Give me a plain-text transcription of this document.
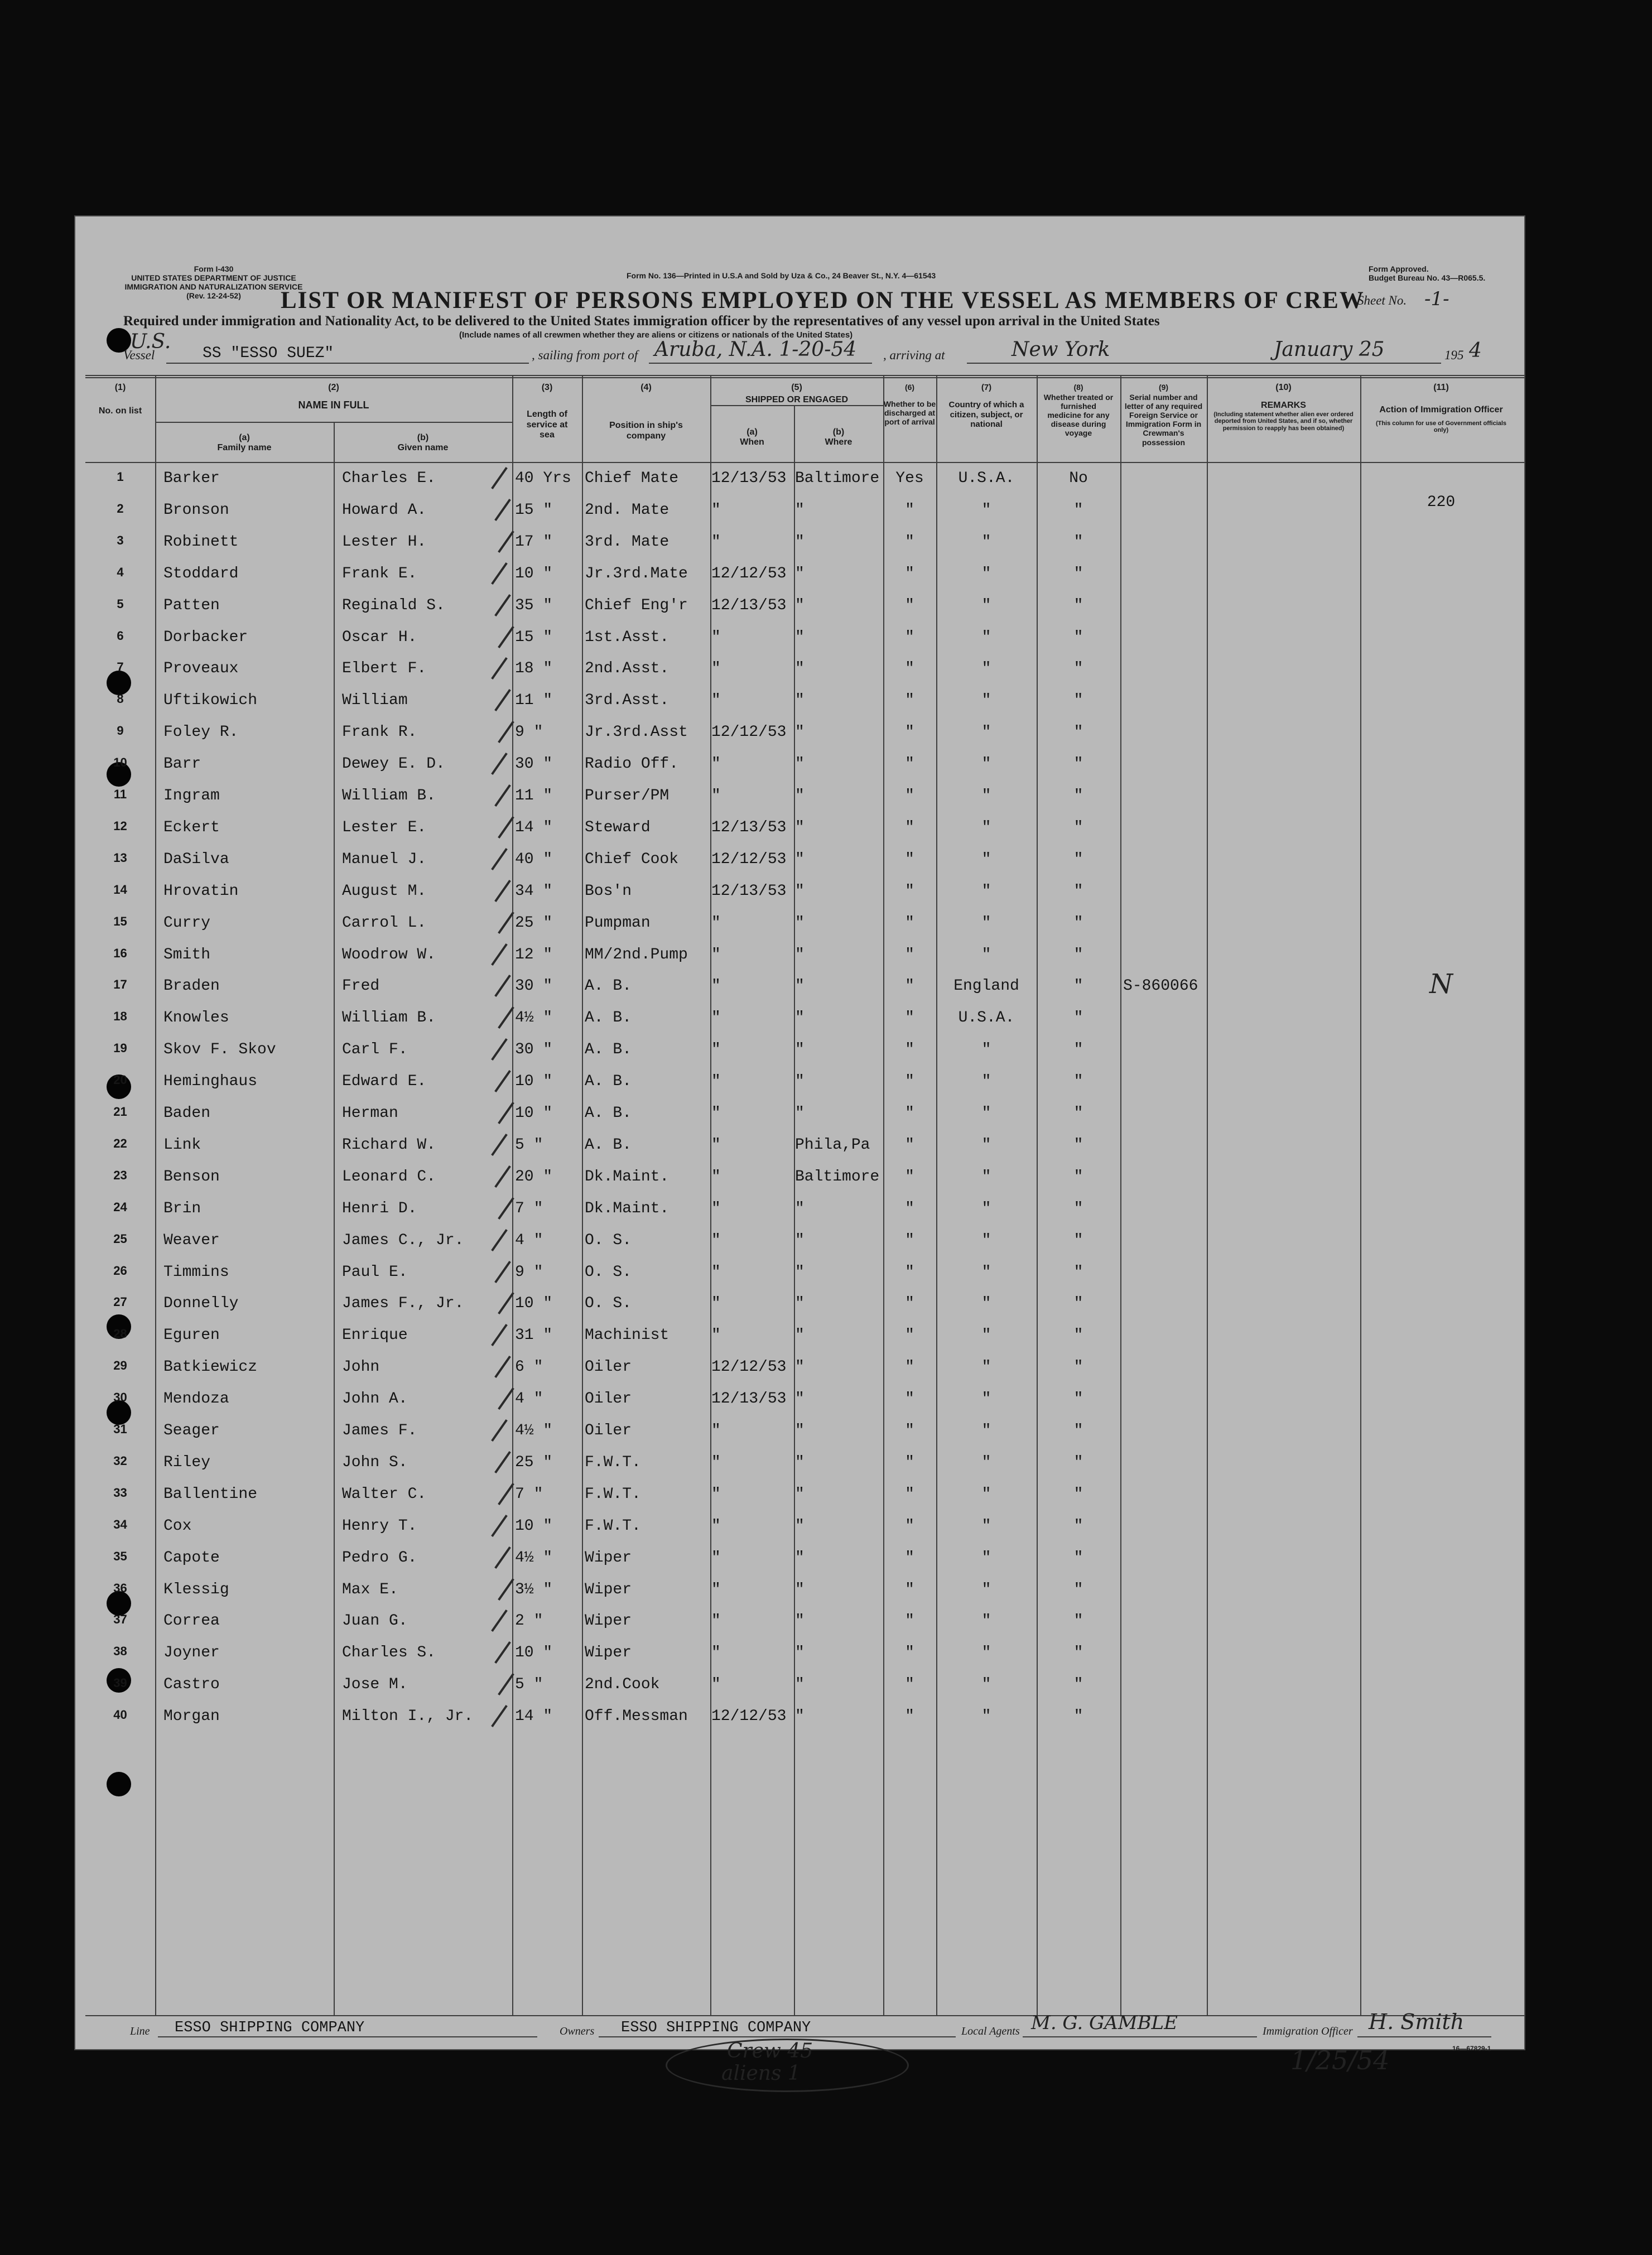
Form I-430
UNITED STATES DEPARTMENT OF JUSTICE
IMMIGRATION AND NATURALIZATION SERVICE
(Rev. 12-24-52)
Form No. 136—Printed in U.S.A and Sold by Uza & Co., 24 Beaver St., N.Y. 4—61543
Form Approved.
Budget Bureau No. 43—R065.5.
LIST OR MANIFEST OF PERSONS EMPLOYED ON THE VESSEL AS MEMBERS OF CREW
Sheet No. -1-
Required under immigration and Nationality Act, to be delivered to the United States immigration officer by the representatives of any vessel upon arrival in the United States
(Include names of all crewmen whether they are aliens or citizens or nationals of the United States)
Vessel
U.S.
SS "ESSO SUEZ"	, sailing from port of Aruba, N.A. 1-20-54 , arriving at	New York	January 25	195 4
(1)
No. on list
(2)
NAME IN FULL
(a)
Family name
(b)
Given name
(3)
Length of service at sea
(4)
Position in ship's company
(5)
SHIPPED OR ENGAGED
(a)
When
(b)
Where
(6)
Whether to be discharged at port of arrival
(7)
Country of which a citizen, subject, or national
(8)
Whether treated or furnished medicine for any disease during voyage
(9)
Serial number and letter of any required Foreign Service or Immigration Form in Crewman's possession
(10)
REMARKS
(Including statement whether alien ever ordered deported from United States, and if so, whether permission to reapply has been obtained)
(11)
Action of Immigration Officer
(This column for use of Government officials only)
1	Barker	Charles E.	40 Yrs Chief Mate	12/13/53 Baltimore	Yes	U.S.A.	No
2	Bronson	Howard A.	15 "	2nd. Mate	"	"	"	"	"	220
3	Robinett	Lester H.	17 "	3rd. Mate	"	"	"	"	"
4	Stoddard	Frank E.	10 "	Jr.3rd.Mate	12/12/53 "	"	"	"
5	Patten	Reginald S.	35 "	Chief Eng'r	12/13/53 "	"	"	"
6	Dorbacker	Oscar H.	15 "	1st.Asst.	"	"	"	"	"
7	Proveaux	Elbert F.	18 "	2nd.Asst.	"	"	"	"	"
8	Uftikowich	William	11 "	3rd.Asst.	"	"	"	"	"
9	Foley R.	Frank R.	9 "	Jr.3rd.Asst	12/12/53 "	"	"	"
10	Barr	Dewey E. D.	30 "	Radio Off.	"	"	"	"	"
11	Ingram	William B.	11 "	Purser/PM	"	"	"	"	"
12	Eckert	Lester E.	14 "	Steward	12/13/53 "	"	"	"
13	DaSilva	Manuel J.	40 "	Chief Cook	12/12/53 "	"	"	"
14	Hrovatin	August M.	34 "	Bos'n	12/13/53 "	"	"	"
15	Curry	Carrol L.	25 "	Pumpman	"	"	"	"	"
16	Smith	Woodrow W.	12 "	MM/2nd.Pump	"	"	"	"	"
17	Braden	Fred	30 "	A. B.	"	"	"	England	"	S-860066	N
18	Knowles	William B.	4½ "	A. B.	"	"	"	U.S.A.	"
19	Skov F. Skov	Carl F.	30 "	A. B.	"	"	"	"	"
20	Heminghaus	Edward E.	10 "	A. B.	"	"	"	"	"
21	Baden	Herman	10 "	A. B.	"	"	"	"	"
22	Link	Richard W.	5 "	A. B.	"	Phila,Pa	"	"	"
23	Benson	Leonard C.	20 "	Dk.Maint.	"	Baltimore	"	"	"
24	Brin	Henri D.	7 "	Dk.Maint.	"	"	"	"	"
25	Weaver	James C., Jr.	4 "	O. S.	"	"	"	"	"
26	Timmins	Paul E.	9 "	O. S.	"	"	"	"	"
27	Donnelly	James F., Jr.	10 "	O. S.	"	"	"	"	"
28	Eguren	Enrique	31 "	Machinist	"	"	"	"	"
29	Batkiewicz	John	6 "	Oiler	12/12/53 "	"	"	"
30	Mendoza	John A.	4 "	Oiler	12/13/53 "	"	"	"
31	Seager	James F.	4½ "	Oiler	"	"	"	"	"
32	Riley	John S.	25 "	F.W.T.	"	"	"	"	"
33	Ballentine	Walter C.	7 "	F.W.T.	"	"	"	"	"
34	Cox	Henry T.	10 "	F.W.T.	"	"	"	"	"
35	Capote	Pedro G.	4½ "	Wiper	"	"	"	"	"
36	Klessig	Max E.	3½ "	Wiper	"	"	"	"	"
37	Correa	Juan G.	2 "	Wiper	"	"	"	"	"
38	Joyner	Charles S.	10 "	Wiper	"	"	"	"	"
39	Castro	Jose M.	5 "	2nd.Cook	"	"	"	"	"
40	Morgan	Milton I., Jr.	14 "	Off.Messman	12/12/53 "	"	"	"
Line ESSO SHIPPING COMPANY	Owners ESSO SHIPPING COMPANY	Local Agents M. G. GAMBLE	Immigration Officer H. Smith
16—67829-1
1/25/54
Crew 45
aliens 1
